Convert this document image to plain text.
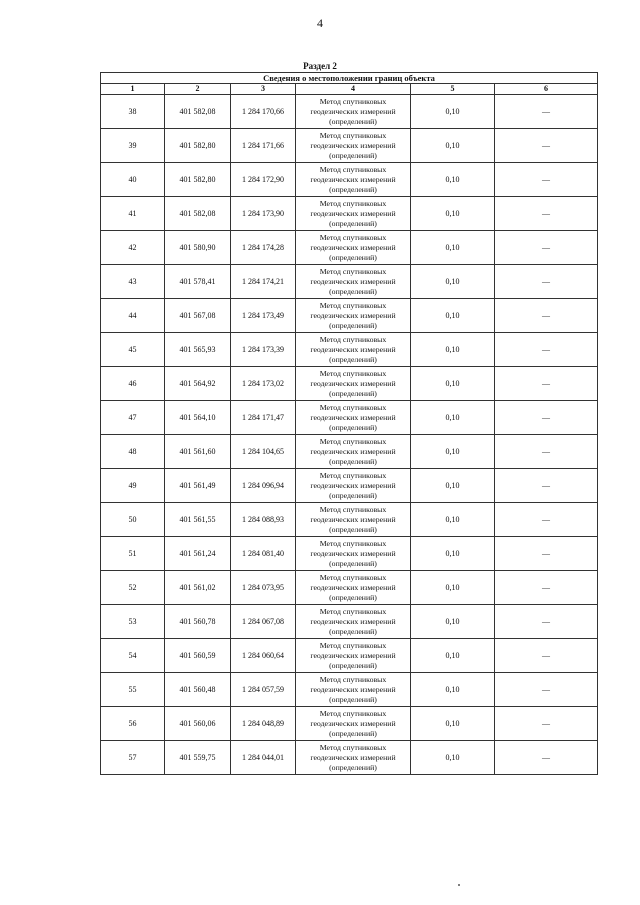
4
Раздел 2
Сведения о местоположении границ объекта					
1	2	3	4	5	6
38	401 582,08	1 284 170,66	Метод спутниковых геодезических измерений (определений)	0,10	—
39	401 582,80	1 284 171,66	Метод спутниковых геодезических измерений (определений)	0,10	—
40	401 582,80	1 284 172,90	Метод спутниковых геодезических измерений (определений)	0,10	—
41	401 582,08	1 284 173,90	Метод спутниковых геодезических измерений (определений)	0,10	—
42	401 580,90	1 284 174,28	Метод спутниковых геодезических измерений (определений)	0,10	—
43	401 578,41	1 284 174,21	Метод спутниковых геодезических измерений (определений)	0,10	—
44	401 567,08	1 284 173,49	Метод спутниковых геодезических измерений (определений)	0,10	—
45	401 565,93	1 284 173,39	Метод спутниковых геодезических измерений (определений)	0,10	—
46	401 564,92	1 284 173,02	Метод спутниковых геодезических измерений (определений)	0,10	—
47	401 564,10	1 284 171,47	Метод спутниковых геодезических измерений (определений)	0,10	—
48	401 561,60	1 284 104,65	Метод спутниковых геодезических измерений (определений)	0,10	—
49	401 561,49	1 284 096,94	Метод спутниковых геодезических измерений (определений)	0,10	—
50	401 561,55	1 284 088,93	Метод спутниковых геодезических измерений (определений)	0,10	—
51	401 561,24	1 284 081,40	Метод спутниковых геодезических измерений (определений)	0,10	—
52	401 561,02	1 284 073,95	Метод спутниковых геодезических измерений (определений)	0,10	—
53	401 560,78	1 284 067,08	Метод спутниковых геодезических измерений (определений)	0,10	—
54	401 560,59	1 284 060,64	Метод спутниковых геодезических измерений (определений)	0,10	—
55	401 560,48	1 284 057,59	Метод спутниковых геодезических измерений (определений)	0,10	—
56	401 560,06	1 284 048,89	Метод спутниковых геодезических измерений (определений)	0,10	—
57	401 559,75	1 284 044,01	Метод спутниковых геодезических измерений (определений)	0,10	—
